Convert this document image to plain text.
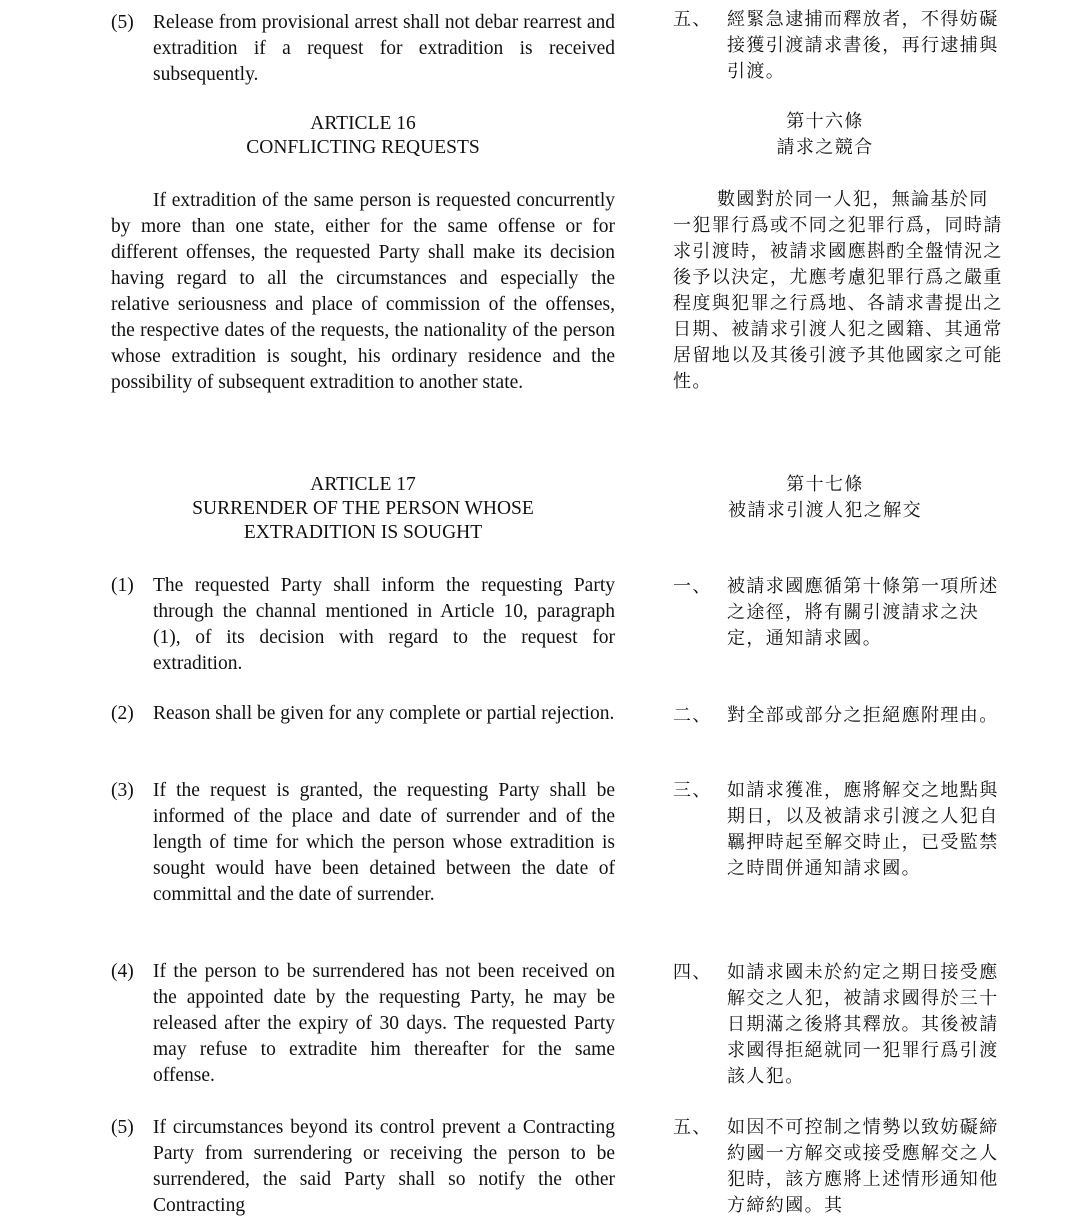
(5) Release from provisional arrest shall not debar rearrest and extradition if a request for extradition is received subsequently.
ARTICLE 16
CONFLICTING REQUESTS
If extradition of the same person is requested concurrently by more than one state, either for the same offense or for different offenses, the requested Party shall make its decision having regard to all the circumstances and especially the relative seriousness and place of commission of the offenses, the respective dates of the requests, the nationality of the person whose extradition is sought, his ordinary residence and the possibility of subsequent extradition to another state.
ARTICLE 17
SURRENDER OF THE PERSON WHOSE
EXTRADITION IS SOUGHT
(1) The requested Party shall inform the requesting Party through the channal mentioned in Article 10, paragraph (1), of its decision with regard to the request for extradition.
(2) Reason shall be given for any complete or partial rejection.
(3) If the request is granted, the requesting Party shall be informed of the place and date of surrender and of the length of time for which the person whose extradition is sought would have been detained between the date of committal and the date of surrender.
(4) If the person to be surrendered has not been received on the appointed date by the requesting Party, he may be released after the expiry of 30 days. The requested Party may refuse to extradite him thereafter for the same offense.
(5) If circumstances beyond its control prevent a Contracting Party from surrendering or receiving the person to be surrendered, the said Party shall so notify the other Contracting
五、 經緊急逮捕而釋放者，不得妨礙接獲引渡請求書後，再行逮捕與引渡。
第十六條
請求之競合
數國對於同一人犯，無論基於同一犯罪行爲或不同之犯罪行爲，同時請求引渡時，被請求國應斟酌全盤情況之後予以決定，尤應考慮犯罪行爲之嚴重程度與犯罪之行爲地、各請求書提出之日期、被請求引渡人犯之國籍、其通常居留地以及其後引渡予其他國家之可能性。
第十七條
被請求引渡人犯之解交
一、 被請求國應循第十條第一項所述之途徑，將有關引渡請求之決定，通知請求國。
二、 對全部或部分之拒絕應附理由。
三、 如請求獲准，應將解交之地點與期日，以及被請求引渡之人犯自羈押時起至解交時止，已受監禁之時間併通知請求國。
四、 如請求國未於約定之期日接受應解交之人犯，被請求國得於三十日期滿之後將其釋放。其後被請求國得拒絕就同一犯罪行爲引渡該人犯。
五、 如因不可控制之情勢以致妨礙締約國一方解交或接受應解交之人犯時，該方應將上述情形通知他方締約國。其
